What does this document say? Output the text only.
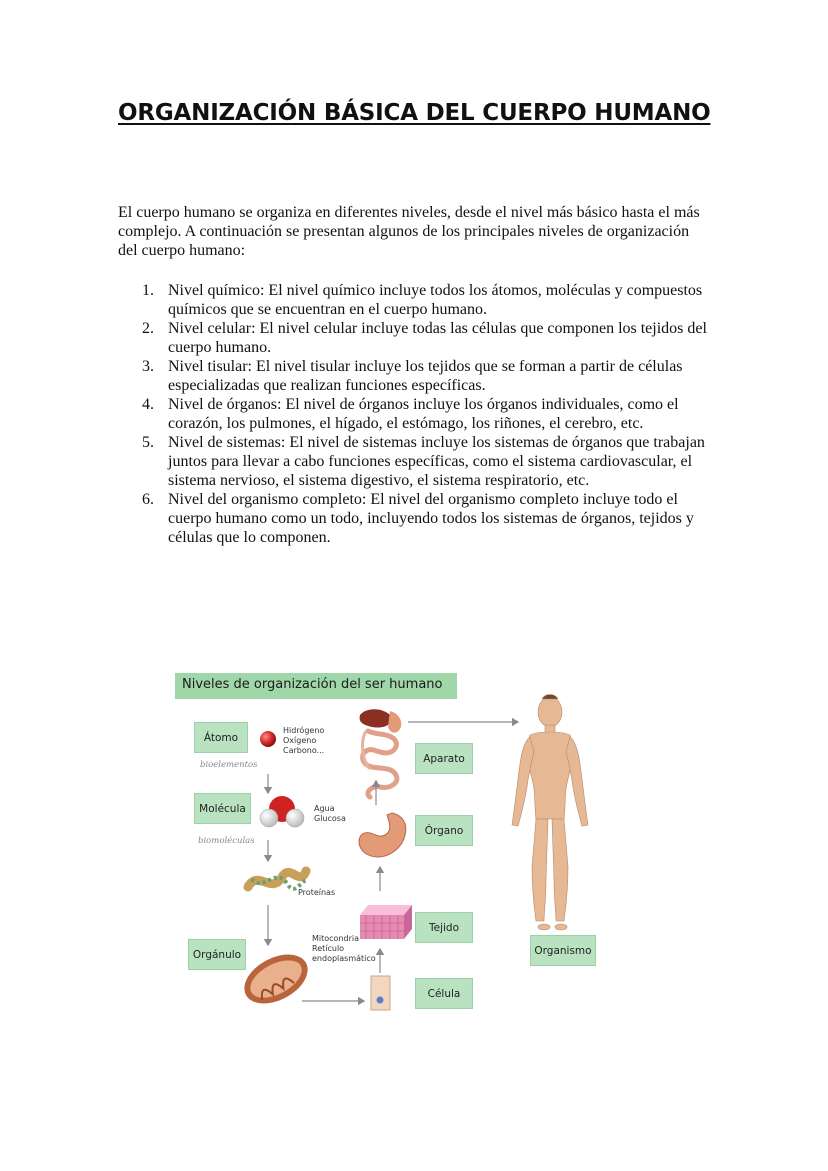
ORGANIZACIÓN BÁSICA DEL CUERPO HUMANO
El cuerpo humano se organiza en diferentes niveles, desde el nivel más básico hasta el más complejo. A continuación se presentan algunos de los principales niveles de organización del cuerpo humano:
1. Nivel químico: El nivel químico incluye todos los átomos, moléculas y compuestos químicos que se encuentran en el cuerpo humano.
2. Nivel celular: El nivel celular incluye todas las células que componen los tejidos del cuerpo humano.
3. Nivel tisular: El nivel tisular incluye los tejidos que se forman a partir de células especializadas que realizan funciones específicas.
4. Nivel de órganos: El nivel de órganos incluye los órganos individuales, como el corazón, los pulmones, el hígado, el estómago, los riñones, el cerebro, etc.
5. Nivel de sistemas: El nivel de sistemas incluye los sistemas de órganos que trabajan juntos para llevar a cabo funciones específicas, como el sistema cardiovascular, el sistema nervioso, el sistema digestivo, el sistema respiratorio, etc.
6. Nivel del organismo completo: El nivel del organismo completo incluye todo el cuerpo humano como un todo, incluyendo todos los sistemas de órganos, tejidos y células que lo componen.
Niveles de organización del ser humano
Átomo
Molécula
Orgánulo
Aparato
Órgano
Tejido
Célula
Organismo
bioelementos
biomoléculas
Hidrógeno
Oxígeno
Carbono...
Agua
Glucosa
Proteínas
Mitocondria
Retículo
endoplasmático
